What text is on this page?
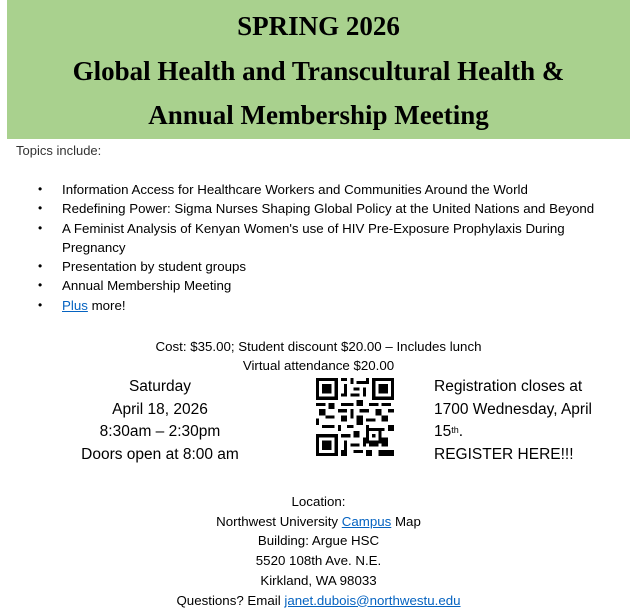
SPRING 2026
Global Health and Transcultural Health &
Annual Membership Meeting
Topics include:
• Information Access for Healthcare Workers and Communities Around the World
• Redefining Power: Sigma Nurses Shaping Global Policy at the United Nations and Beyond
• A Feminist Analysis of Kenyan Women's use of HIV Pre-Exposure Prophylaxis During Pregnancy
• Presentation by student groups
• Annual Membership Meeting
• Plus more!
Cost: $35.00; Student discount $20.00 – Includes lunch
Virtual attendance $20.00
Saturday
April 18, 2026
8:30am – 2:30pm
Doors open at 8:00 am
Registration closes at
1700 Wednesday, April
15th.
REGISTER HERE!!!
Location:
Northwest University Campus Map
Building: Argue HSC
5520 108th Ave. N.E.
Kirkland, WA 98033
Questions? Email janet.dubois@northwestu.edu
